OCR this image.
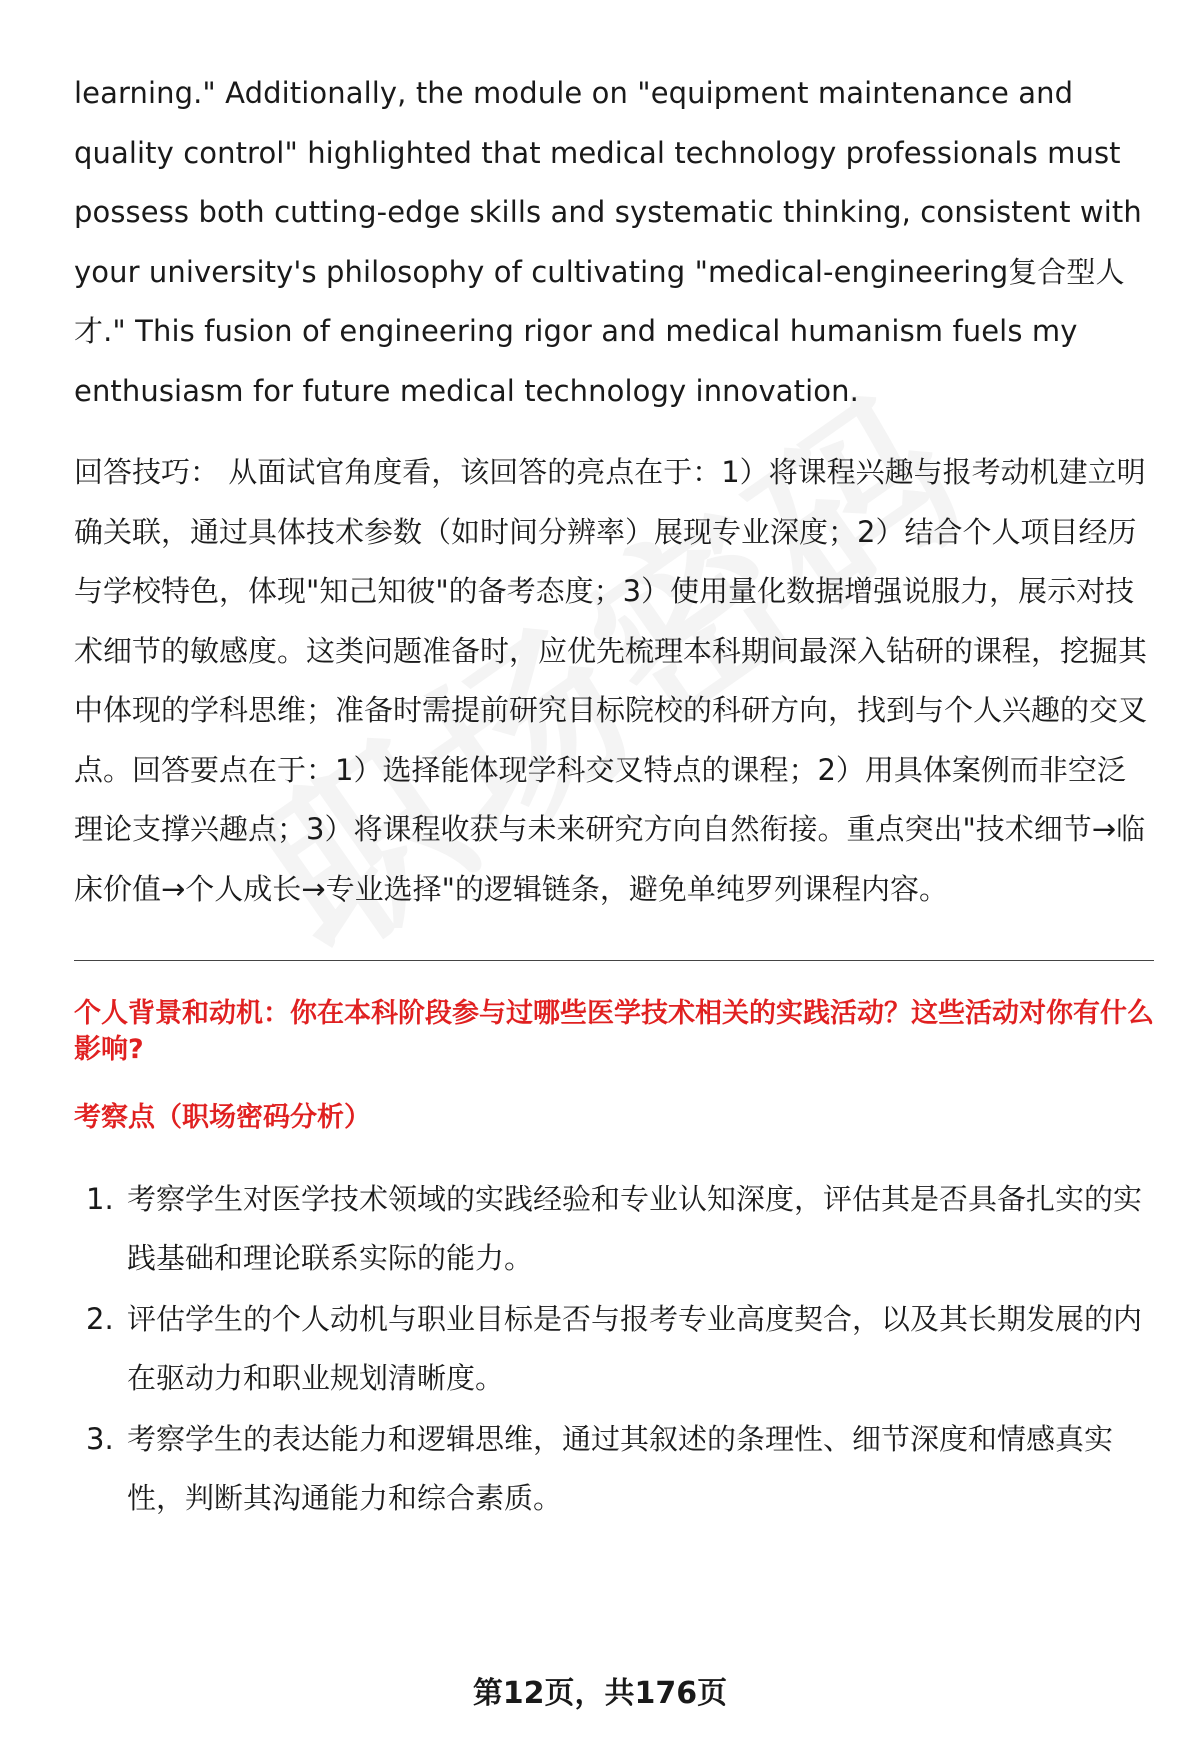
learning." Additionally, the module on "equipment maintenance and quality control" highlighted that medical technology professionals must possess both cutting-edge skills and systematic thinking, consistent with your university's philosophy of cultivating "medical-engineering复合型人才." This fusion of engineering rigor and medical humanism fuels my enthusiasm for future medical technology innovation.

回答技巧： 从面试官角度看，该回答的亮点在于：1）将课程兴趣与报考动机建立明确关联，通过具体技术参数（如时间分辨率）展现专业深度；2）结合个人项目经历与学校特色，体现"知己知彼"的备考态度；3）使用量化数据增强说服力，展示对技术细节的敏感度。这类问题准备时，应优先梳理本科期间最深入钻研的课程，挖掘其中体现的学科思维；准备时需提前研究目标院校的科研方向，找到与个人兴趣的交叉点。回答要点在于：1）选择能体现学科交叉特点的课程；2）用具体案例而非空泛理论支撑兴趣点；3）将课程收获与未来研究方向自然衔接。重点突出"技术细节→临床价值→个人成长→专业选择"的逻辑链条，避免单纯罗列课程内容。

个人背景和动机：你在本科阶段参与过哪些医学技术相关的实践活动？这些活动对你有什么影响?

考察点（职场密码分析）

1. 考察学生对医学技术领域的实践经验和专业认知深度，评估其是否具备扎实的实践基础和理论联系实际的能力。
2. 评估学生的个人动机与职业目标是否与报考专业高度契合，以及其长期发展的内在驱动力和职业规划清晰度。
3. 考察学生的表达能力和逻辑思维，通过其叙述的条理性、细节深度和情感真实性，判断其沟通能力和综合素质。
第12页，共176页
